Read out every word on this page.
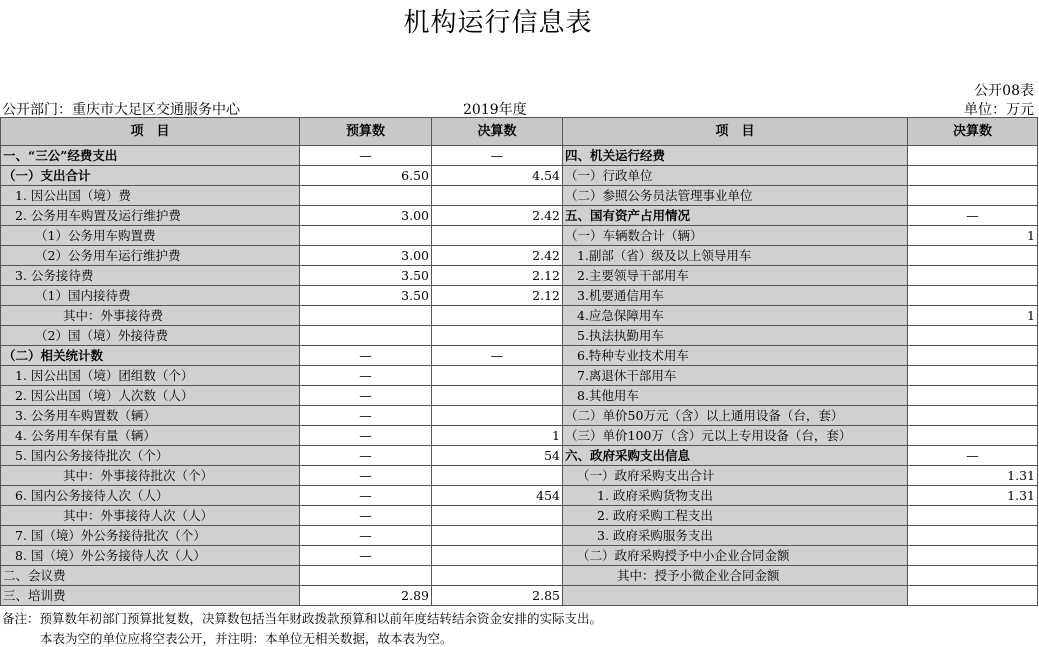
机构运行信息表
公开08表
公开部门：重庆市大足区交通服务中心	2019年度	单位：万元
项　目	预算数	决算数	项　目	决算数
一、“三公”经费支出	—	—	四、机关运行经费	
（一）支出合计	6.50	4.54	（一）行政单位	
1. 因公出国（境）费			（二）参照公务员法管理事业单位	
2. 公务用车购置及运行维护费	3.00	2.42	五、国有资产占用情况	—
（1）公务用车购置费			（一）车辆数合计（辆）	1
（2）公务用车运行维护费	3.00	2.42	1.副部（省）级及以上领导用车	
3. 公务接待费	3.50	2.12	2.主要领导干部用车	
（1）国内接待费	3.50	2.12	3.机要通信用车	
其中：外事接待费			4.应急保障用车	1
（2）国（境）外接待费			5.执法执勤用车	
（二）相关统计数	—	—	6.特种专业技术用车	
1. 因公出国（境）团组数（个）	—		7.离退休干部用车	
2. 因公出国（境）人次数（人）	—		8.其他用车	
3. 公务用车购置数（辆）	—		（二）单价50万元（含）以上通用设备（台，套）	
4. 公务用车保有量（辆）	—	1	（三）单价100万（含）元以上专用设备（台，套）	
5. 国内公务接待批次（个）	—	54	六、政府采购支出信息	—
其中：外事接待批次（个）	—		（一）政府采购支出合计	1.31
6. 国内公务接待人次（人）	—	454	1. 政府采购货物支出	1.31
其中：外事接待人次（人）	—		2. 政府采购工程支出	
7. 国（境）外公务接待批次（个）	—		3. 政府采购服务支出	
8. 国（境）外公务接待人次（人）	—		（二）政府采购授予中小企业合同金额	
二、会议费			其中：授予小微企业合同金额	
三、培训费	2.89	2.85		
备注：预算数年初部门预算批复数，决算数包括当年财政拨款预算和以前年度结转结余资金安排的实际支出。
本表为空的单位应将空表公开，并注明：本单位无相关数据，故本表为空。
